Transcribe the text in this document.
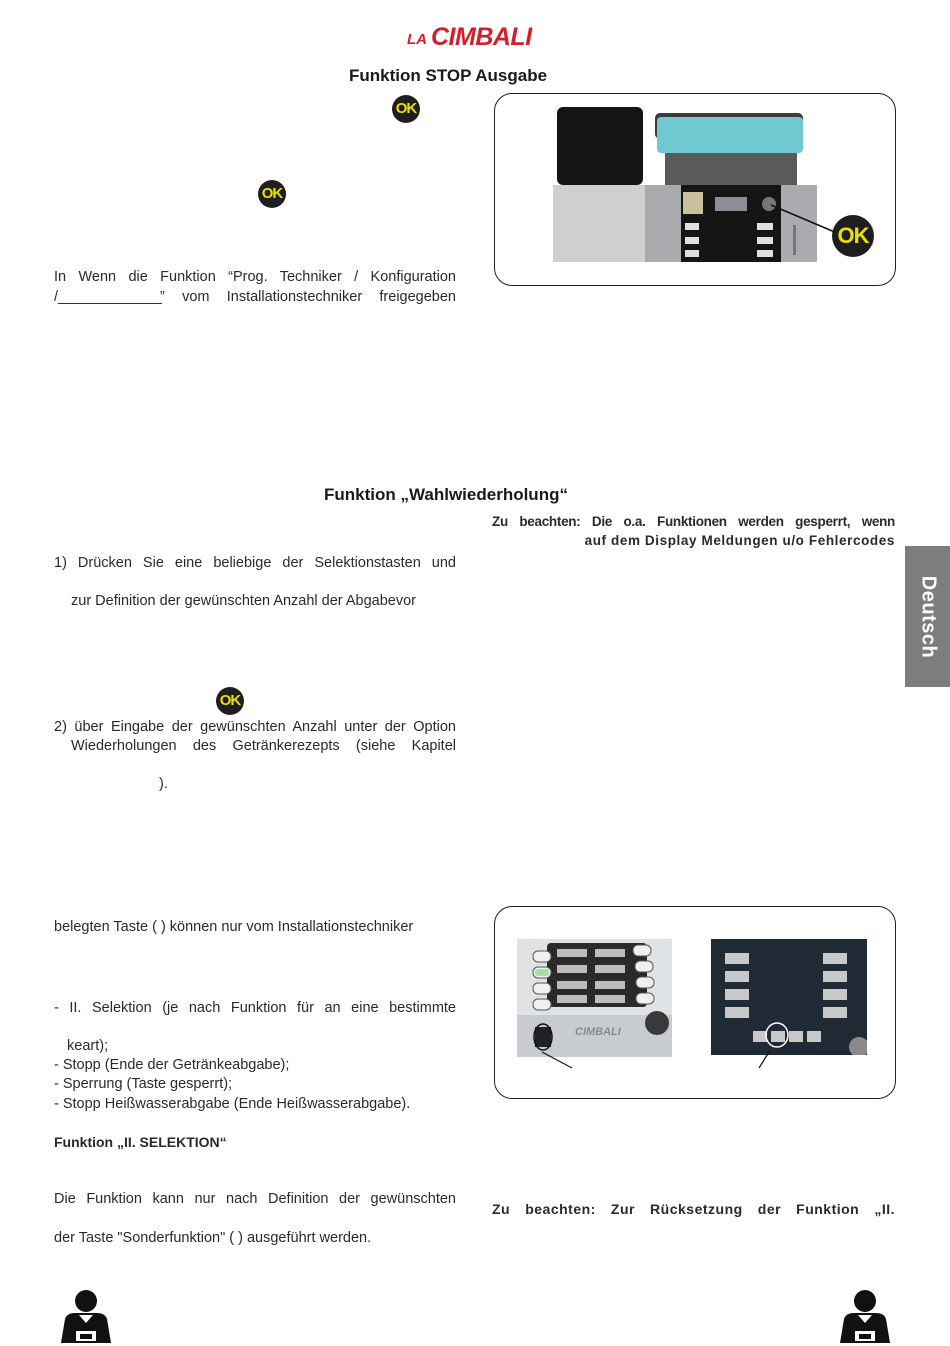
LA CIMBALI
Funktion STOP Ausgabe
OK
OK
In Wenn die Funktion “Prog. Techniker / Konfiguration
/_	” vom Installationstechniker freigegeben
OK
Funktion „Wahlwiederholung“
Zu beachten: Die o.a. Funktionen werden gesperrt, wenn
auf dem Display Meldungen u/o Fehlercodes
1) Drücken Sie eine beliebige der Selektionstasten und
zur Definition der gewünschten Anzahl der Abgabevor
OK
2) über Eingabe der gewünschten Anzahl unter der Option
Wiederholungen des Getränkerezepts (siehe Kapitel
).
Deutsch
belegten Taste ( ) können nur vom Installationstechniker
- II. Selektion (je nach Funktion für an eine bestimmte
keart);
- Stopp (Ende der Getränkeabgabe);
- Sperrung (Taste gesperrt);
- Stopp Heißwasserabgabe (Ende Heißwasserabgabe).
Funktion „II. SELEKTION“
Die Funktion kann nur nach Definition der gewünschten
der Taste "Sonderfunktion" ( ) ausgeführt werden.
Zu beachten: Zur Rücksetzung der Funktion „II.
CIMBALI
